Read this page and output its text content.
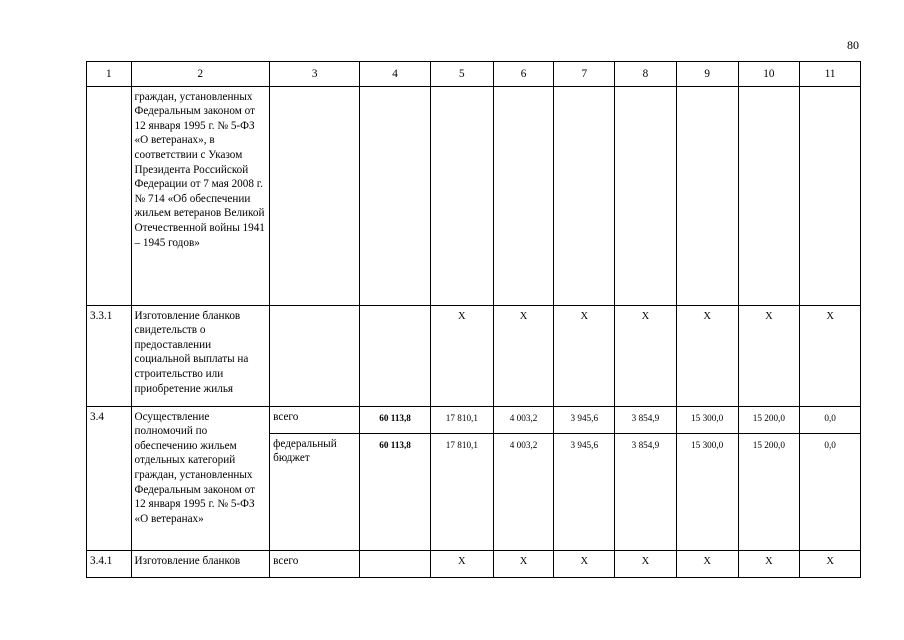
80
1	2	3	4	5	6	7	8	9	10	11
	граждан, установленных Федеральным законом от 12 января 1995 г. № 5-ФЗ «О ветеранах», в соответствии с Указом Президента Российской Федерации от 7 мая 2008 г. № 714 «Об обеспечении жильем ветеранов Великой Отечественной войны 1941 – 1945 годов»									
3.3.1	Изготовление бланков свидетельств о предоставлении социальной выплаты на строительство или приобретение жилья			X	X	X	X	X	X	X
3.4	Осуществление полномочий по обеспечению жильем отдельных категорий граждан, установленных Федеральным законом от 12 января 1995 г. № 5-ФЗ «О ветеранах»	всего	60 113,8	17 810,1	4 003,2	3 945,6	3 854,9	15 300,0	15 200,0	0,0
		федеральный бюджет	60 113,8	17 810,1	4 003,2	3 945,6	3 854,9	15 300,0	15 200,0	0,0
3.4.1	Изготовление бланков	всего		X	X	X	X	X	X	X
